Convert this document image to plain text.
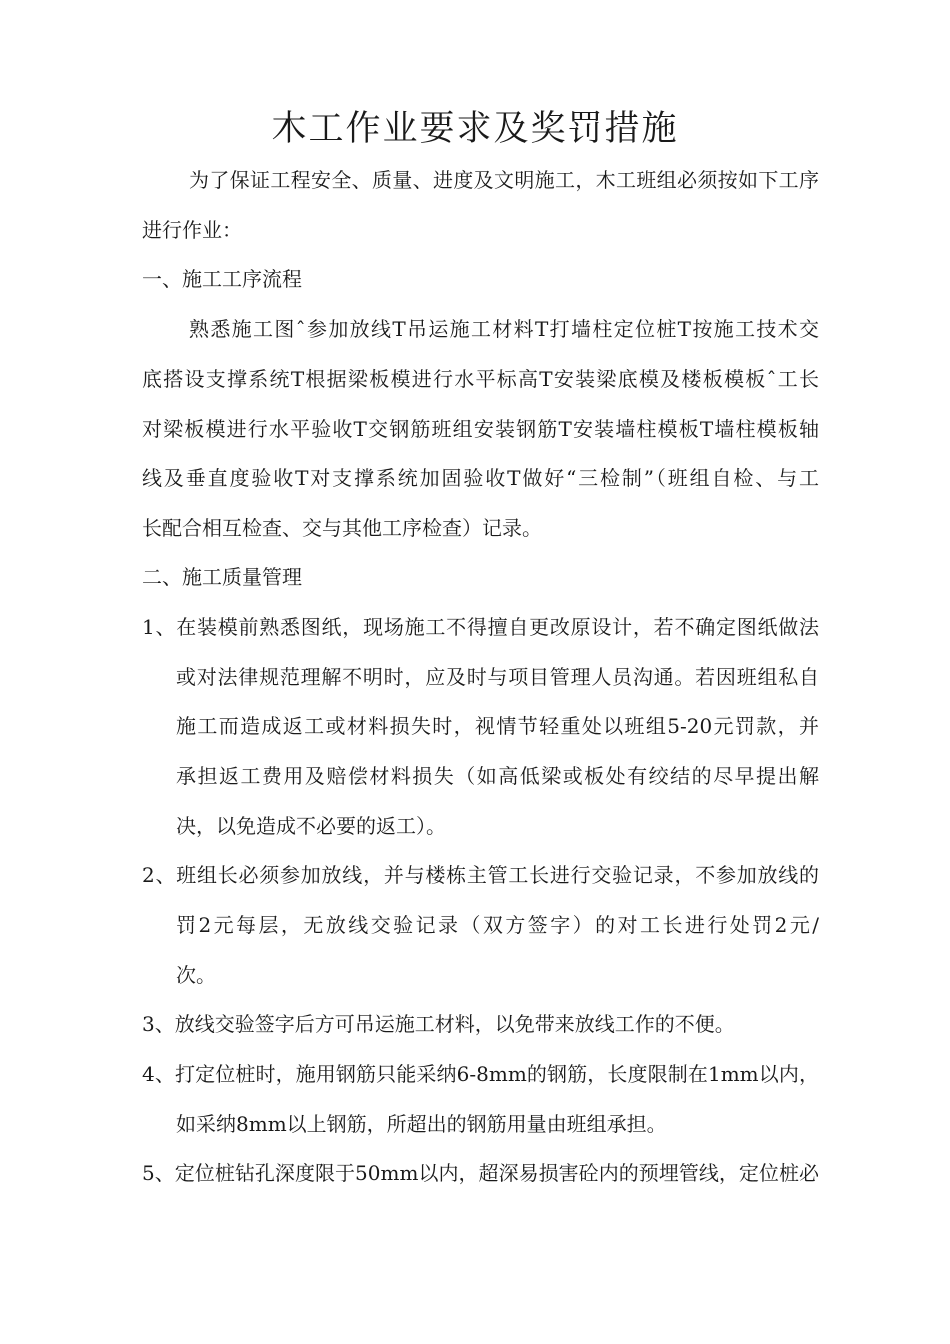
木工作业要求及奖罚措施

为了保证工程安全、质量、进度及文明施工，木工班组必须按如下工序

进行作业：

一、施工工序流程

熟悉施工图ˆ参加放线T吊运施工材料T打墙柱定位桩T按施工技术交

底搭设支撑系统T根据梁板模进行水平标高T安装梁底模及楼板模板ˆ工长

对梁板模进行水平验收T交钢筋班组安装钢筋T安装墙柱模板T墙柱模板轴

线及垂直度验收T对支撑系统加固验收T做好“三检制”（班组自检、与工

长配合相互检查、交与其他工序检查）记录。

二、施工质量管理

1、在装模前熟悉图纸，现场施工不得擅自更改原设计，若不确定图纸做法

或对法律规范理解不明时，应及时与项目管理人员沟通。若因班组私自

施工而造成返工或材料损失时，视情节轻重处以班组5-20元罚款，并

承担返工费用及赔偿材料损失（如高低梁或板处有绞结的尽早提出解

决，以免造成不必要的返工）。

2、班组长必须参加放线，并与楼栋主管工长进行交验记录，不参加放线的

罚2元每层，无放线交验记录（双方签字）的对工长进行处罚2元/

次。

3、放线交验签字后方可吊运施工材料，以免带来放线工作的不便。

4、打定位桩时，施用钢筋只能采纳6-8mm的钢筋，长度限制在1mm以内，

如采纳8mm以上钢筋，所超出的钢筋用量由班组承担。

5、定位桩钻孔深度限于50mm以内，超深易损害砼内的预埋管线，定位桩必
